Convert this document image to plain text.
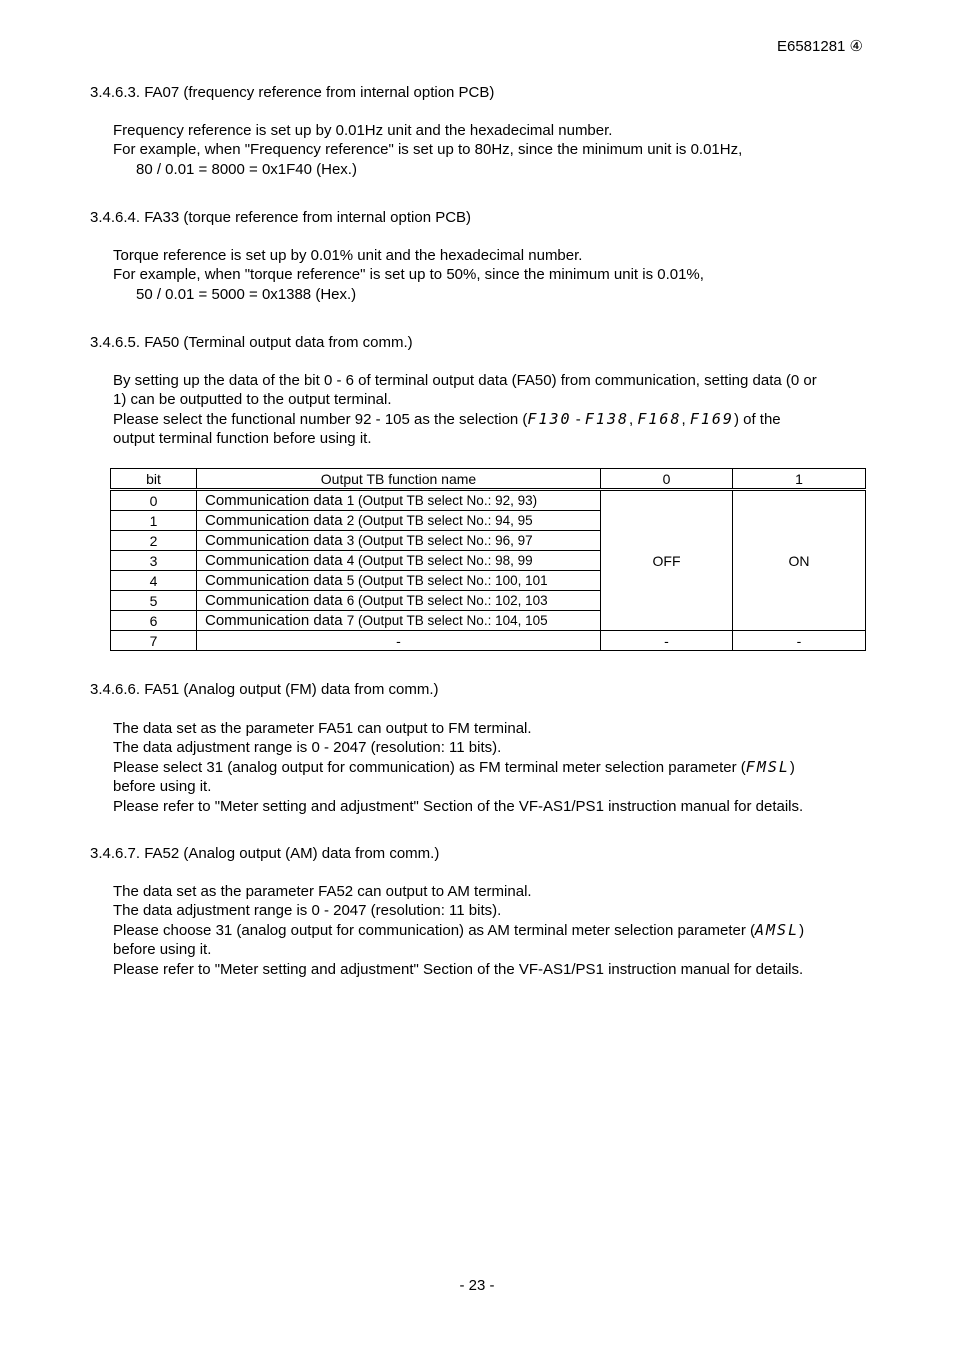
E6581281 ④
3.4.6.3. FA07 (frequency reference from internal option PCB)
Frequency reference is set up by 0.01Hz unit and the hexadecimal number.
For example, when "Frequency reference" is set up to 80Hz, since the minimum unit is 0.01Hz,
80 / 0.01 = 8000 = 0x1F40 (Hex.)
3.4.6.4. FA33 (torque reference from internal option PCB)
Torque reference is set up by 0.01% unit and the hexadecimal number.
For example, when "torque reference" is set up to 50%, since the minimum unit is 0.01%,
50 / 0.01 = 5000 = 0x1388 (Hex.)
3.4.6.5. FA50 (Terminal output data from comm.)
By setting up the data of the bit 0 - 6 of terminal output data (FA50) from communication, setting data (0 or
1) can be outputted to the output terminal.
Please select the functional number 92 - 105 as the selection (F130 - F138, F168, F169) of the
output terminal function before using it.
bit	Output TB function name	0	1
0	Communication data 1 (Output TB select No.: 92, 93)	OFF	ON
1	Communication data 2 (Output TB select No.: 94, 95		
2	Communication data 3 (Output TB select No.: 96, 97		
3	Communication data 4 (Output TB select No.: 98, 99		
4	Communication data 5 (Output TB select No.: 100, 101		
5	Communication data 6 (Output TB select No.: 102, 103		
6	Communication data 7 (Output TB select No.: 104, 105		
7	-	-	-
3.4.6.6. FA51 (Analog output (FM) data from comm.)
The data set as the parameter FA51 can output to FM terminal.
The data adjustment range is 0 - 2047 (resolution: 11 bits).
Please select 31 (analog output for communication) as FM terminal meter selection parameter (FMSL)
before using it.
Please refer to "Meter setting and adjustment" Section of the VF-AS1/PS1 instruction manual for details.
3.4.6.7. FA52 (Analog output (AM) data from comm.)
The data set as the parameter FA52 can output to AM terminal.
The data adjustment range is 0 - 2047 (resolution: 11 bits).
Please choose 31 (analog output for communication) as AM terminal meter selection parameter (AMSL)
before using it.
Please refer to "Meter setting and adjustment" Section of the VF-AS1/PS1 instruction manual for details.
- 23 -
